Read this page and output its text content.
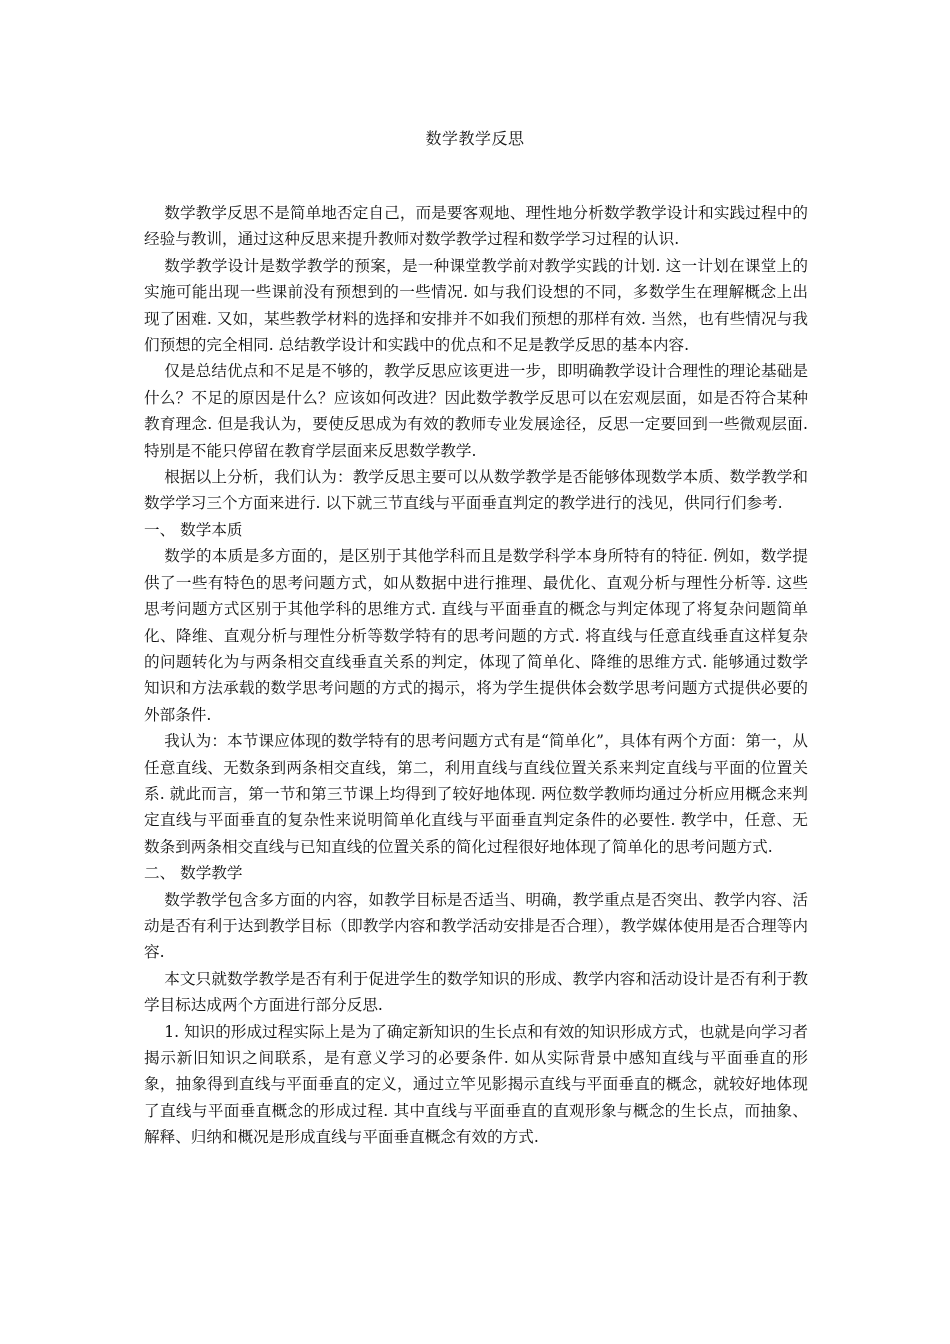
数学教学反思

数学教学反思不是简单地否定自己，而是要客观地、理性地分析数学教学设计和实践过程中的经验与教训，通过这种反思来提升教师对数学教学过程和数学学习过程的认识.

数学教学设计是数学教学的预案，是一种课堂教学前对教学实践的计划. 这一计划在课堂上的实施可能出现一些课前没有预想到的一些情况. 如与我们设想的不同，多数学生在理解概念上出现了困难. 又如，某些教学材料的选择和安排并不如我们预想的那样有效. 当然，也有些情况与我们预想的完全相同. 总结教学设计和实践中的优点和不足是教学反思的基本内容.

仅是总结优点和不足是不够的，教学反思应该更进一步，即明确教学设计合理性的理论基础是什么？不足的原因是什么？应该如何改进？因此数学教学反思可以在宏观层面，如是否符合某种教育理念. 但是我认为，要使反思成为有效的教师专业发展途径，反思一定要回到一些微观层面. 特别是不能只停留在教育学层面来反思数学教学.

根据以上分析，我们认为：教学反思主要可以从数学教学是否能够体现数学本质、数学教学和数学学习三个方面来进行. 以下就三节直线与平面垂直判定的教学进行的浅见，供同行们参考.

一、 数学本质

数学的本质是多方面的，是区别于其他学科而且是数学科学本身所特有的特征. 例如，数学提供了一些有特色的思考问题方式，如从数据中进行推理、最优化、直观分析与理性分析等. 这些思考问题方式区别于其他学科的思维方式. 直线与平面垂直的概念与判定体现了将复杂问题简单化、降维、直观分析与理性分析等数学特有的思考问题的方式. 将直线与任意直线垂直这样复杂的问题转化为与两条相交直线垂直关系的判定，体现了简单化、降维的思维方式. 能够通过数学知识和方法承载的数学思考问题的方式的揭示，将为学生提供体会数学思考问题方式提供必要的外部条件.

我认为：本节课应体现的数学特有的思考问题方式有是“简单化”，具体有两个方面：第一，从任意直线、无数条到两条相交直线，第二，利用直线与直线位置关系来判定直线与平面的位置关系. 就此而言，第一节和第三节课上均得到了较好地体现. 两位数学教师均通过分析应用概念来判定直线与平面垂直的复杂性来说明简单化直线与平面垂直判定条件的必要性. 教学中，任意、无数条到两条相交直线与已知直线的位置关系的简化过程很好地体现了简单化的思考问题方式.

二、 数学教学

数学教学包含多方面的内容，如教学目标是否适当、明确，教学重点是否突出、教学内容、活动是否有利于达到教学目标（即教学内容和教学活动安排是否合理），教学媒体使用是否合理等内容.

本文只就数学教学是否有利于促进学生的数学知识的形成、教学内容和活动设计是否有利于教学目标达成两个方面进行部分反思.

1. 知识的形成过程实际上是为了确定新知识的生长点和有效的知识形成方式，也就是向学习者揭示新旧知识之间联系，是有意义学习的必要条件. 如从实际背景中感知直线与平面垂直的形象，抽象得到直线与平面垂直的定义，通过立竿见影揭示直线与平面垂直的概念，就较好地体现了直线与平面垂直概念的形成过程. 其中直线与平面垂直的直观形象与概念的生长点，而抽象、解释、归纳和概况是形成直线与平面垂直概念有效的方式.
